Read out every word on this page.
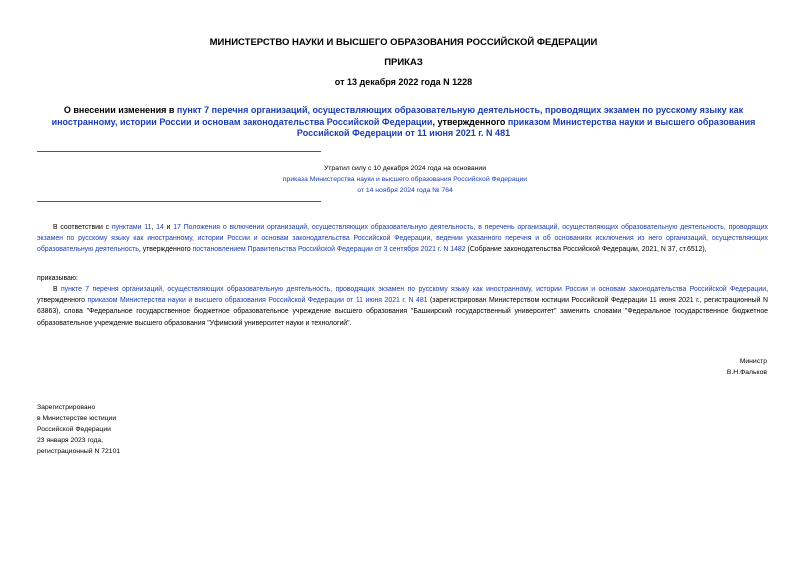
МИНИСТЕРСТВО НАУКИ И ВЫСШЕГО ОБРАЗОВАНИЯ РОССИЙСКОЙ ФЕДЕРАЦИИ
ПРИКАЗ
от 13 декабря 2022 года N 1228
О внесении изменения в пункт 7 перечня организаций, осуществляющих образовательную деятельность, проводящих экзамен по русскому языку как иностранному, истории России и основам законодательства Российской Федерации, утвержденного приказом Министерства науки и высшего образования Российской Федерации от 11 июня 2021 г. N 481
Утратил силу с 10 декабря 2024 года на основании
приказа Министерства науки и высшего образования Российской Федерации
от 14 ноября 2024 года № 764
В соответствии с пунктами 11, 14 и 17 Положения о включении организаций, осуществляющих образовательную деятельность, в перечень организаций, осуществляющих образовательную деятельность, проводящих экзамен по русскому языку как иностранному, истории России и основам законодательства Российской Федерации, ведении указанного перечня и об основаниях исключения из него организаций, осуществляющих образовательную деятельность, утвержденного постановлением Правительства Российской Федерации от 3 сентября 2021 г. N 1482 (Собрание законодательства Российской Федерации, 2021, N 37, ст.6512),
приказываю:
В пункте 7 перечня организаций, осуществляющих образовательную деятельность, проводящих экзамен по русскому языку как иностранному, истории России и основам законодательства Российской Федерации, утвержденного приказом Министерства науки и высшего образования Российской Федерации от 11 июня 2021 г. N 481 (зарегистрирован Министерством юстиции Российской Федерации 11 июня 2021 г., регистрационный N 63863), слова "Федеральное государственное бюджетное образовательное учреждение высшего образования "Башкирский государственный университет" заменить словами "Федеральное государственное бюджетное образовательное учреждение высшего образования "Уфимский университет науки и технологий".
Министр
В.Н.Фальков
Зарегистрировано
в Министерстве юстиции
Российской Федерации
23 января 2023 года,
регистрационный N 72101
